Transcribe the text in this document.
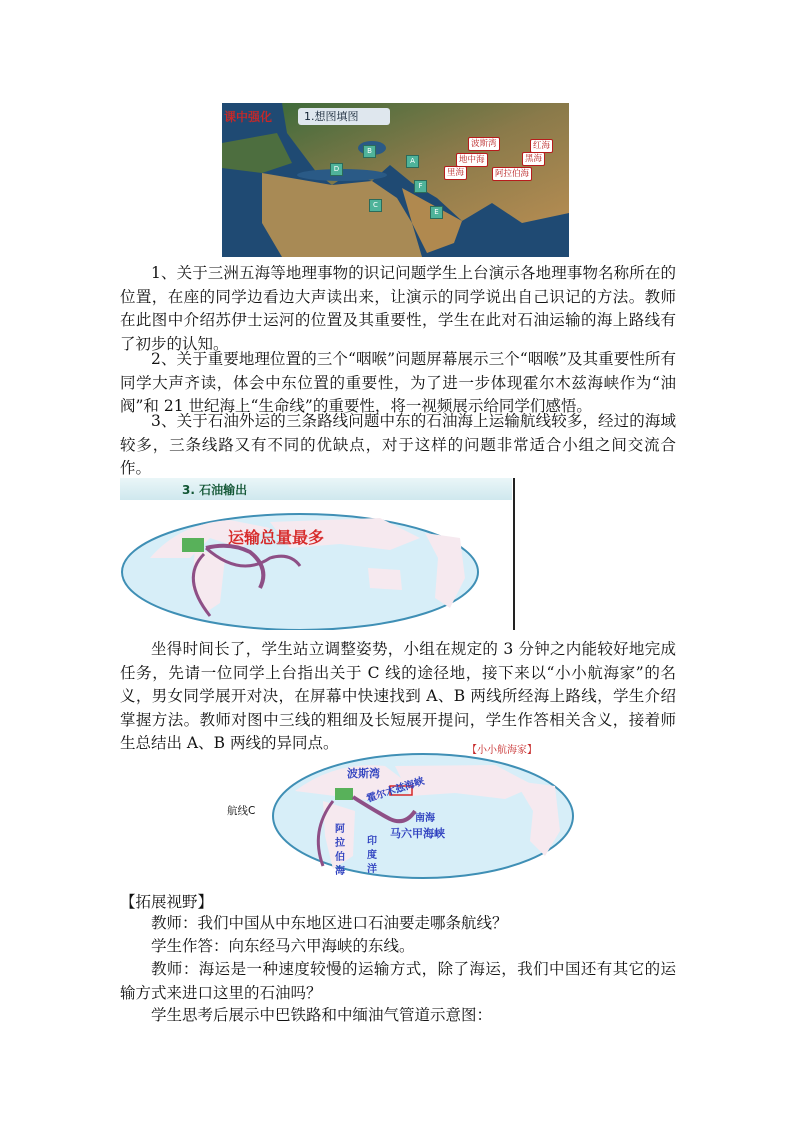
课中强化	1.想图填图
波斯湾	红海
地中海	黑海
里海	阿拉伯海
A
B
C
D
E
F

1、关于三洲五海等地理事物的识记问题学生上台演示各地理事物名称所在的位置，在座的同学边看边大声读出来，让演示的同学说出自己识记的方法。教师在此图中介绍苏伊士运河的位置及其重要性，学生在此对石油运输的海上路线有了初步的认知。

2、关于重要地理位置的三个“咽喉”问题屏幕展示三个“咽喉”及其重要性所有同学大声齐读，体会中东位置的重要性，为了进一步体现霍尔木兹海峡作为“油阀”和 21 世纪海上“生命线”的重要性，将一视频展示给同学们感悟。

3、关于石油外运的三条路线问题中东的石油海上运输航线较多，经过的海域较多，三条线路又有不同的优缺点，对于这样的问题非常适合小组之间交流合作。

3. 石油输出
运输总量最多

坐得时间长了，学生站立调整姿势，小组在规定的 3 分钟之内能较好地完成任务，先请一位同学上台指出关于 C 线的途径地，接下来以“小小航海家”的名义，男女同学展开对决，在屏幕中快速找到 A、B 两线所经海上路线，学生介绍掌握方法。教师对图中三线的粗细及长短展开提问，学生作答相关含义，接着师生总结出 A、B 两线的异同点。	【小小航海家】
航线C
波斯湾
霍尔木兹海峡
南海
马六甲海峡
阿拉伯海
印度洋

【拓展视野】

教师：我们中国从中东地区进口石油要走哪条航线？

学生作答：向东经马六甲海峡的东线。

教师：海运是一种速度较慢的运输方式，除了海运，我们中国还有其它的运输方式来进口这里的石油吗？

学生思考后展示中巴铁路和中缅油气管道示意图：
